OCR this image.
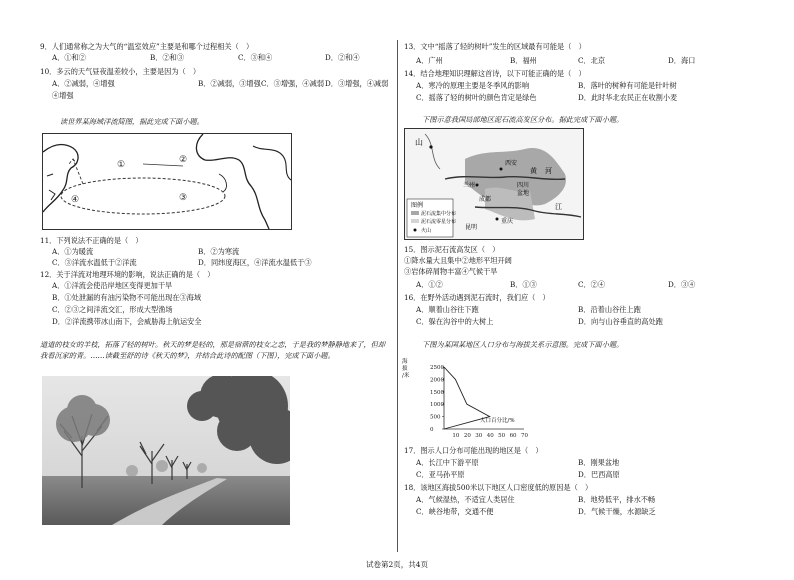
9．人们通常称之为大气的“温室效应”主要是和哪个过程相关（　）
A．①和②	B．②和③	C．③和④	D．②和④
10．多云的天气昼夜温差较小，主要是因为（　）
A．②减弱，④增强	B．②减弱，③增强 C．③增强，④减弱 D．③增强，④减弱
④增强
读世界某海域洋流简图，据此完成下面小题。
①	②
③
④
11．下列说法不正确的是（　）
A．①为暖流	B．②为寒流
C．③洋流水温低于②洋流	D．同纬度海区，④洋流水温低于③
12．关于洋流对地理环境的影响，说法正确的是（　）
A．①洋流会使沿岸地区变得更加干旱
B．①处泄漏的有油污染物不可能出现在③海域
C．②③之间洋流交汇，形成大型渔场
D．②洋流携带冰山南下，会威胁海上航运安全
道道的枝女的羊枝，拓落了轻的树叶。秋天的梦是轻的，那是宿蓿的枝女之恋，于是我的梦静静地来了，但却我看沉家的青。……读截至舒的诗《秋天的梦》，并结合此诗的配图（下图），完成下面小题。
13．文中“摇落了轻的树叶”发生的区域最有可能是（　）
A．广州	B．福州	C．北京	D．海口
14．结合地理知识理解这首诗，以下可能正确的是（　）
A．寒冷的原理主要是冬季风的影响	B．落叶的树种有可能是针叶树
C．摇落了轻的树叶的颜色肯定是绿色	D．此时华北农民正在收割小麦
下图示意我国局部地区泥石流高发区分布。据此完成下面小题。
山
兰州
西安
成都
昆明
黄 河
四川
盆地
重庆
江
图例
泥石流集中分布
泥石流零星分布
火山
15．图示泥石流高发区（　）
①降水量大且集中②地形平坦开阔
③岩体碎屑物丰富④气候干旱
A．①②	B．①③	C．②④	D．③④
16．在野外活动遇到泥石流时，我们应（　）
A．顺着山谷往下跑	B．沿着山谷往上跑
C．躲在沟谷中的大树上	D．向与山谷垂直的高处跑
下图为某国某地区人口分布与海拔关系示意图。完成下面小题。
2500
2000
1500
1000
500
0
10 20 30 40 50 60 70
海
拔
/米
人口百分比/%
17．图示人口分布可能出现的地区是（　）
A．长江中下游平原	B．刚果盆地
C．亚马孙平原	D．巴西高原
18．该地区海拔500米以下地区人口密度低的原因是（　）
A．气候湿热，不适宜人类居住	B．地势低平，排水不畅
C．峡谷地带，交通不便	D．气候干燥，水源缺乏
试卷第2页，共4页
